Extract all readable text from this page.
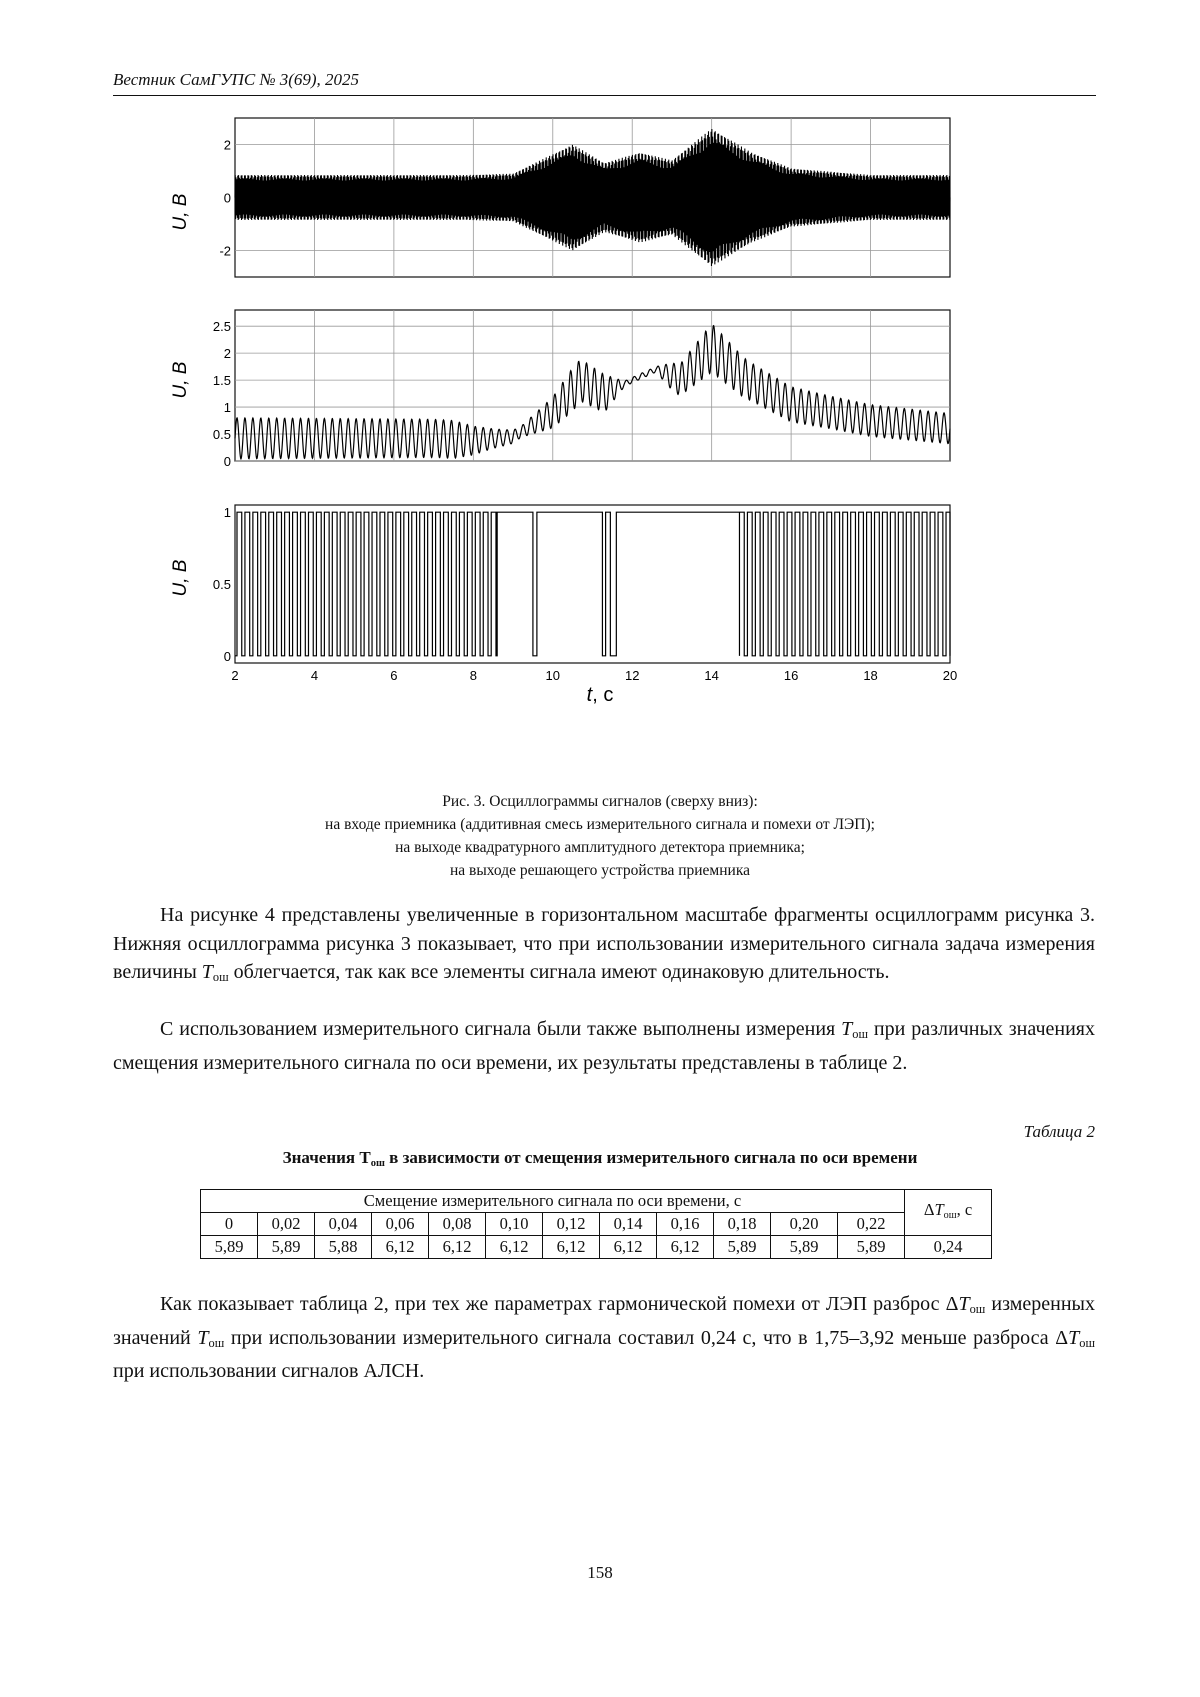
Вестник СамГУПС № 3(69), 2025
2
0
-2
2.5
2
1.5
1
0.5
0
1
0.5
0
2	4	6	8	10	12	14	16	18	20
U, В
U, В
U, В
t, с
Рис. 3. Осциллограммы сигналов (сверху вниз):
на входе приемника (аддитивная смесь измерительного сигнала и помехи от ЛЭП);
на выходе квадратурного амплитудного детектора приемника;
на выходе решающего устройства приемника

На рисунке 4 представлены увеличенные в горизонтальном масштабе фрагменты осциллограмм рисунка 3. Нижняя осциллограмма рисунка 3 показывает, что при использовании измерительного сигнала задача измерения величины $T_{ош}$ облегчается, так как все элементы сигнала имеют одинаковую длительность.

С использованием измерительного сигнала были также выполнены измерения $T_{ош}$ при различных значениях смещения измерительного сигнала по оси времени, их результаты представлены в таблице 2.

Таблица 2
Значения $T_{ош}$ в зависимости от смещения измерительного сигнала по оси времени
Смещение измерительного сигнала по оси времени, с												$\Delta T_{ош}$, с
0	0,02	0,04	0,06	0,08	0,10	0,12	0,14	0,16	0,18	0,20	0,22	
5,89	5,89	5,88	6,12	6,12	6,12	6,12	6,12	6,12	5,89	5,89	5,89	0,24

Как показывает таблица 2, при тех же параметрах гармонической помехи от ЛЭП разброс $\Delta T_{ош}$ измеренных значений $T_{ош}$ при использовании измерительного сигнала составил 0,24 с, что в 1,75–3,92 меньше разброса $\Delta T_{ош}$ при использовании сигналов АЛСН.

158
